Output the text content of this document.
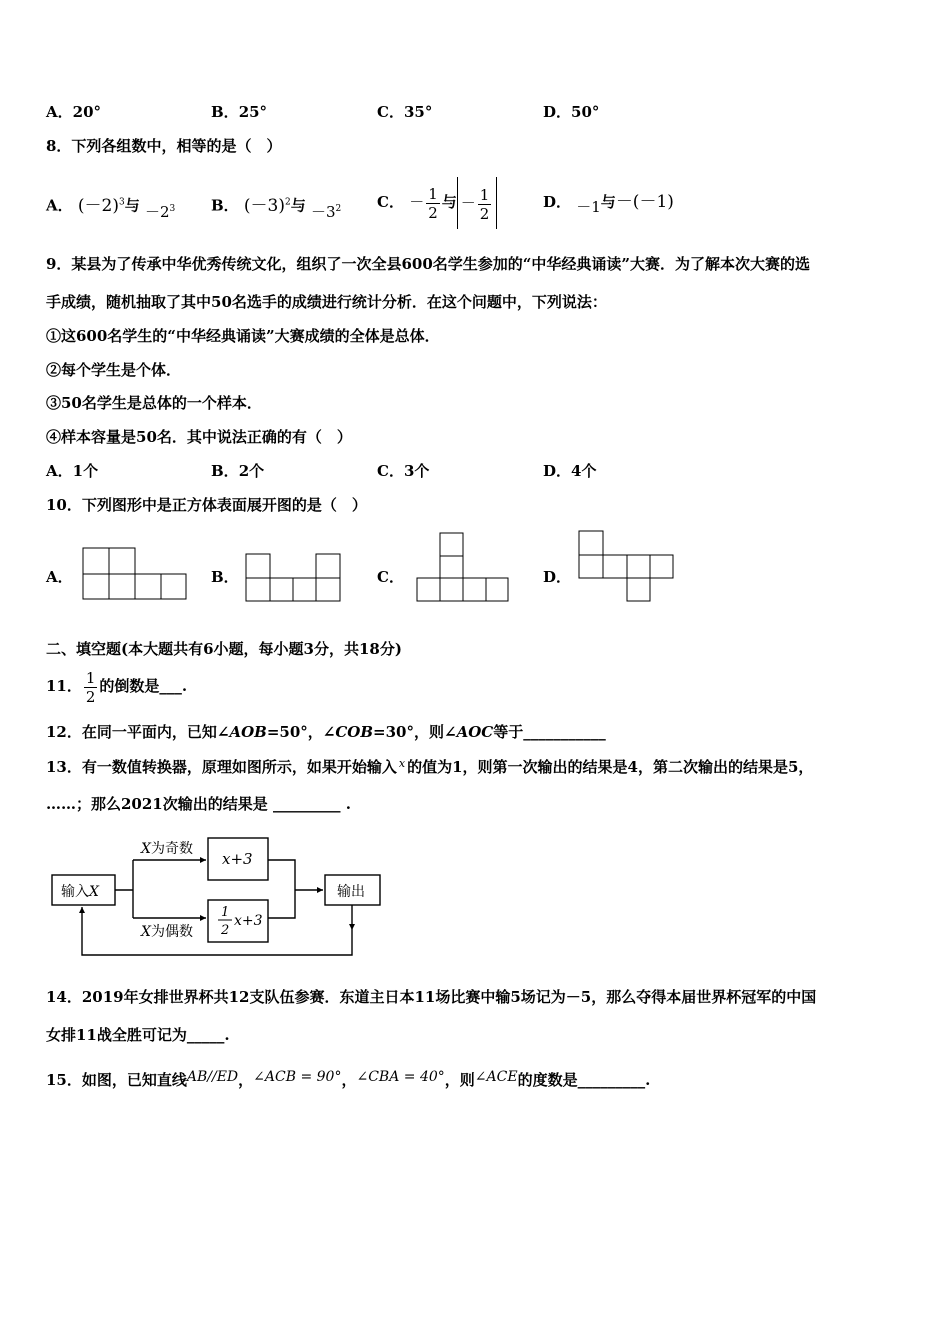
A．20°	B．25°	C．35°	D．50°
8．下列各组数中，相等的是（　）
A． $(-2)^3$与 $-2^3$ B． $(-3)^2$与 $-3^2$ C． － $\frac{1}{2}$ 与 － $\frac{1}{2}$	D． －1与－(－1)
9．某县为了传承中华优秀传统文化，组织了一次全县600名学生参加的“中华经典诵读”大赛．为了解本次大赛的选
手成绩，随机抽取了其中50名选手的成绩进行统计分析．在这个问题中，下列说法：
①这600名学生的“中华经典诵读”大赛成绩的全体是总体．
②每个学生是个体．
③50名学生是总体的一个样本．
④样本容量是50名．其中说法正确的有（　）
A．1个	B．2个	C．3个	D．4个
10．下列图形中是正方体表面展开图的是（　）
A．	B．	C．	D．
二、填空题(本大题共有6小题，每小题3分，共18分)
11． $\frac{1}{2}$ 的倒数是___.
12．在同一平面内，已知∠AOB=50°，∠COB=30°，则∠AOC等于___________
13．有一数值转换器，原理如图所示，如果开始输入 $^x$ 的值为1，则第一次输出的结果是4，第二次输出的结果是5，
……；那么2021次输出的结果是 _________ .
输入X
X为奇数
X为偶数
x+3
1
2
x+3
输出
14．2019年女排世界杯共12支队伍参赛．东道主日本11场比赛中输5场记为－5，那么夺得本届世界杯冠军的中国
女排11战全胜可记为_____.
15．如图，已知直线AB//ED，∠ACB = 90°，∠CBA = 40°，则∠ACE的度数是_________.
